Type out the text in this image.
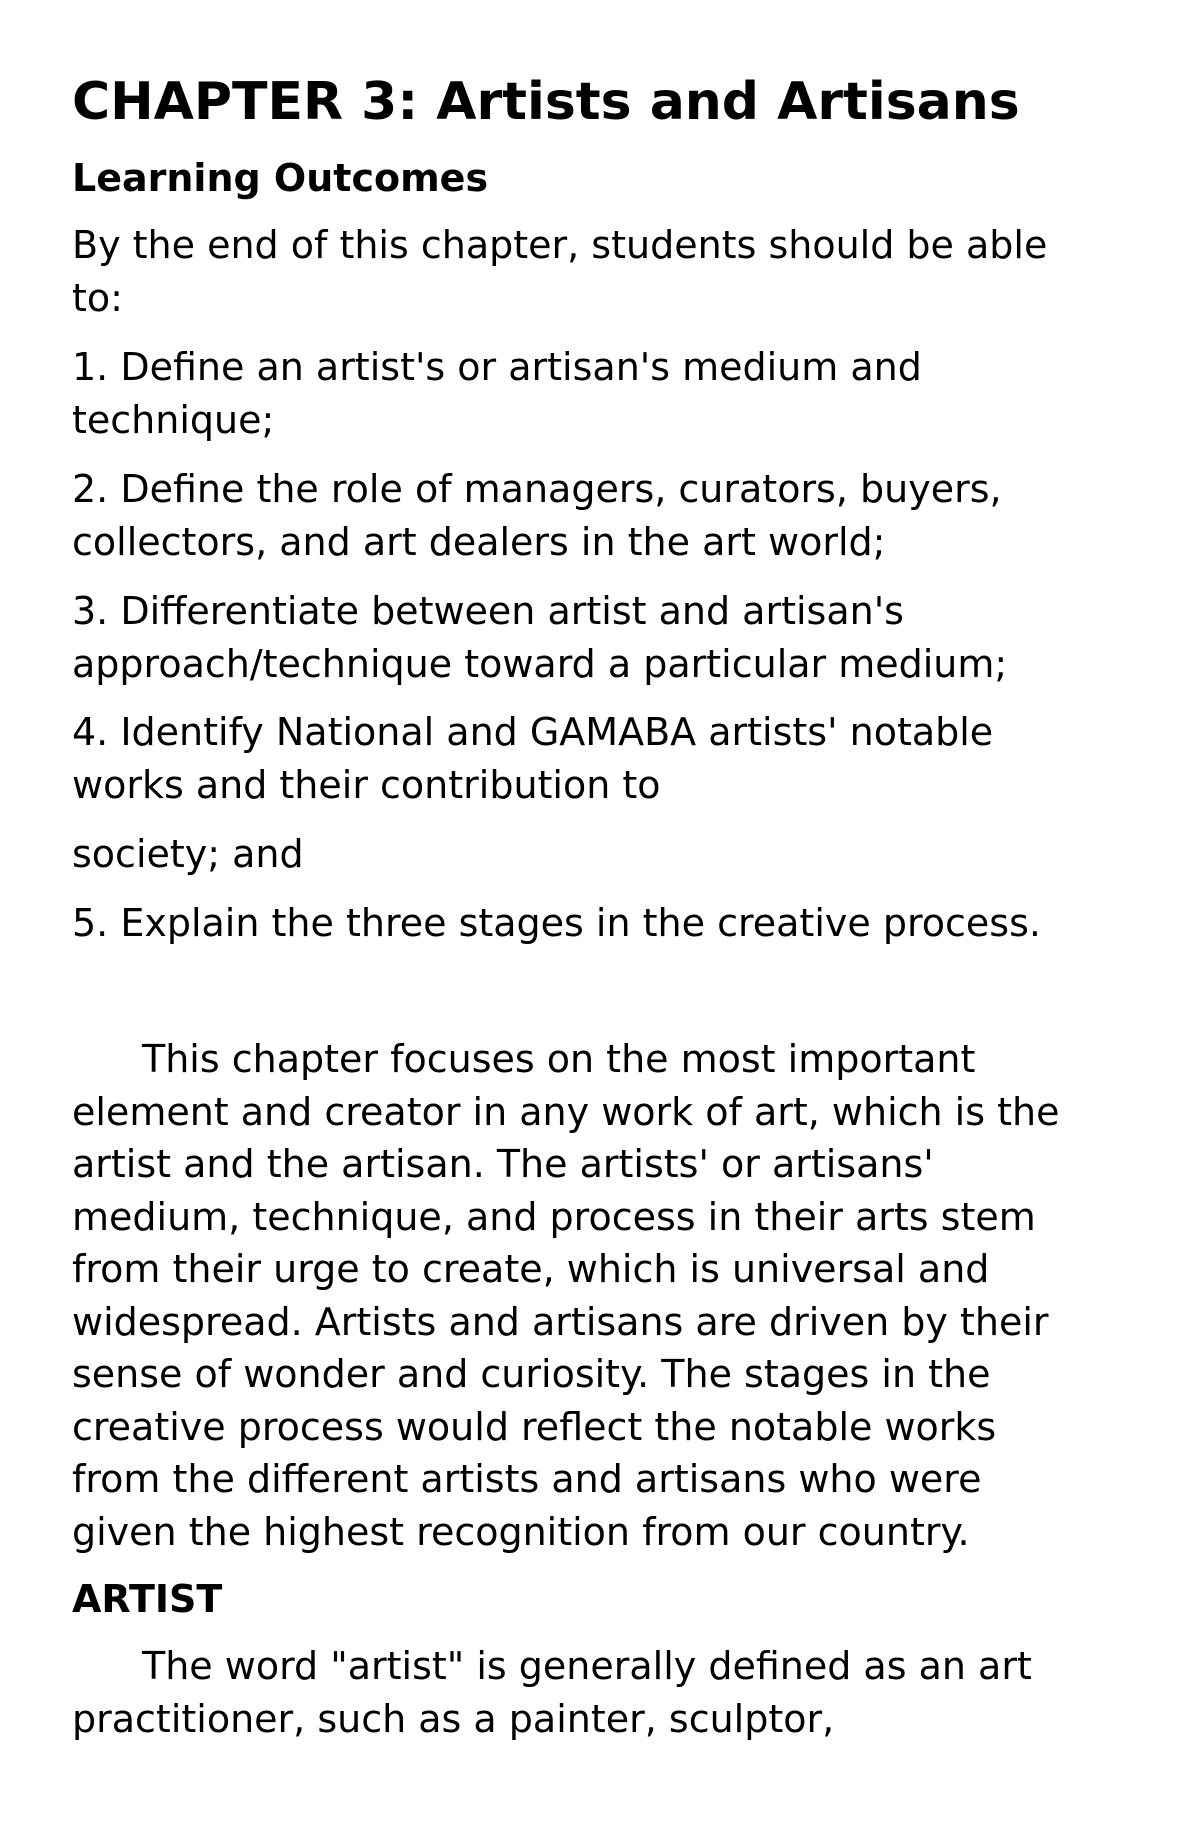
CHAPTER 3: Artists and Artisans
Learning Outcomes

By the end of this chapter, students should be able
to:

1. Define an artist's or artisan's medium and
technique;

2. Define the role of managers, curators, buyers,
collectors, and art dealers in the art world;

3. Differentiate between artist and artisan's
approach/technique toward a particular medium;

4. Identify National and GAMABA artists' notable
works and their contribution to

society; and

5. Explain the three stages in the creative process.

This chapter focuses on the most important
element and creator in any work of art, which is the
artist and the artisan. The artists' or artisans'
medium, technique, and process in their arts stem
from their urge to create, which is universal and
widespread. Artists and artisans are driven by their
sense of wonder and curiosity. The stages in the
creative process would reflect the notable works
from the different artists and artisans who were
given the highest recognition from our country.

ARTIST

The word "artist" is generally defined as an art
practitioner, such as a painter, sculptor,
